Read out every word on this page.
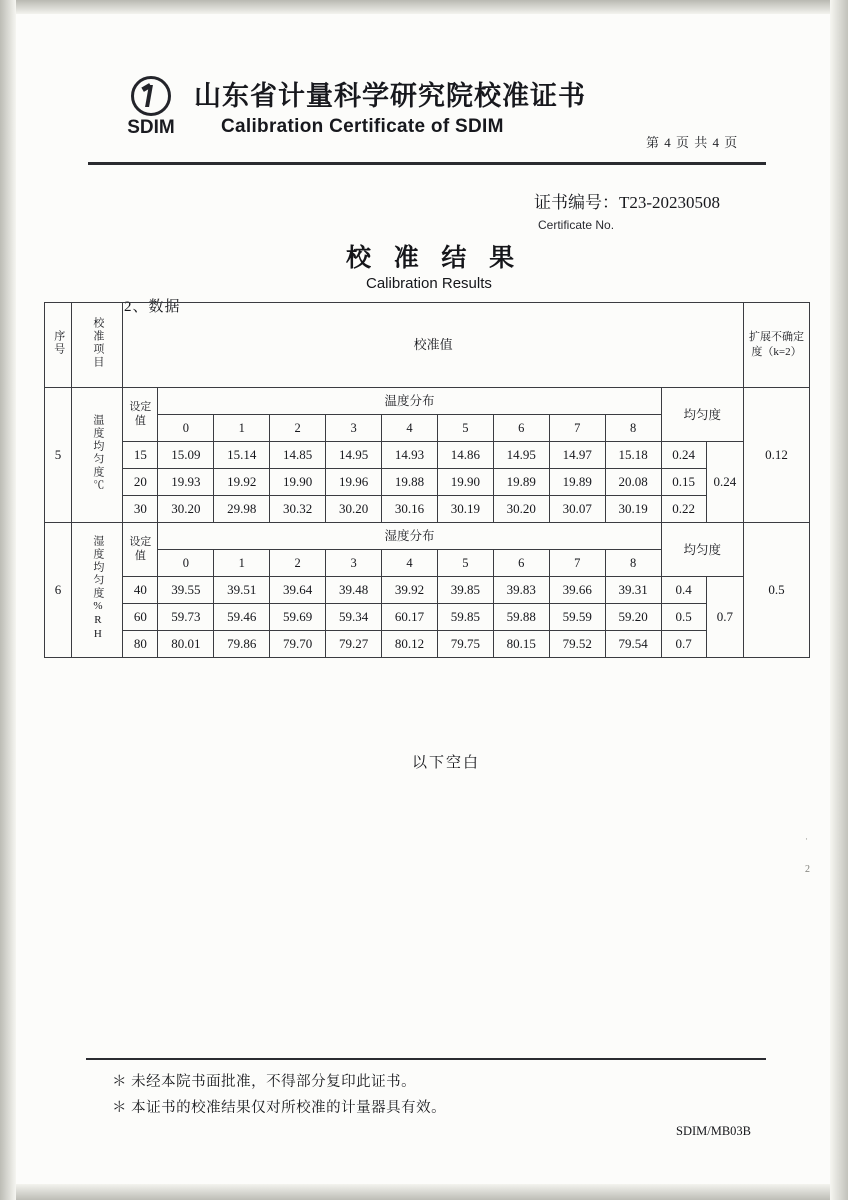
SDIM
山东省计量科学研究院校准证书
Calibration Certificate of SDIM
第 4 页 共 4 页
证书编号：T23-20230508
Certificate No.
校 准 结 果
Calibration Results
2、数据
序号	校准项目	校准值												扩展不确定度（k=2）
5	温度均匀度℃	设定值	温度分布									均匀度		0.12
			0	1	2	3	4	5	6	7	8			
		15	15.09	15.14	14.85	14.95	14.93	14.86	14.95	14.97	15.18	0.24	0.24	
		20	19.93	19.92	19.90	19.96	19.88	19.90	19.89	19.89	20.08	0.15		
		30	30.20	29.98	30.32	30.20	30.16	30.19	30.20	30.07	30.19	0.22		
6	湿度均匀度%RH	设定值	湿度分布									均匀度		0.5
			0	1	2	3	4	5	6	7	8			
		40	39.55	39.51	39.64	39.48	39.92	39.85	39.83	39.66	39.31	0.4	0.7	
		60	59.73	59.46	59.69	59.34	60.17	59.85	59.88	59.59	59.20	0.5		
		80	80.01	79.86	79.70	79.27	80.12	79.75	80.15	79.52	79.54	0.7		
以下空白
·
2
＊ 未经本院书面批准，不得部分复印此证书。
＊ 本证书的校准结果仅对所校准的计量器具有效。
SDIM/MB03B
